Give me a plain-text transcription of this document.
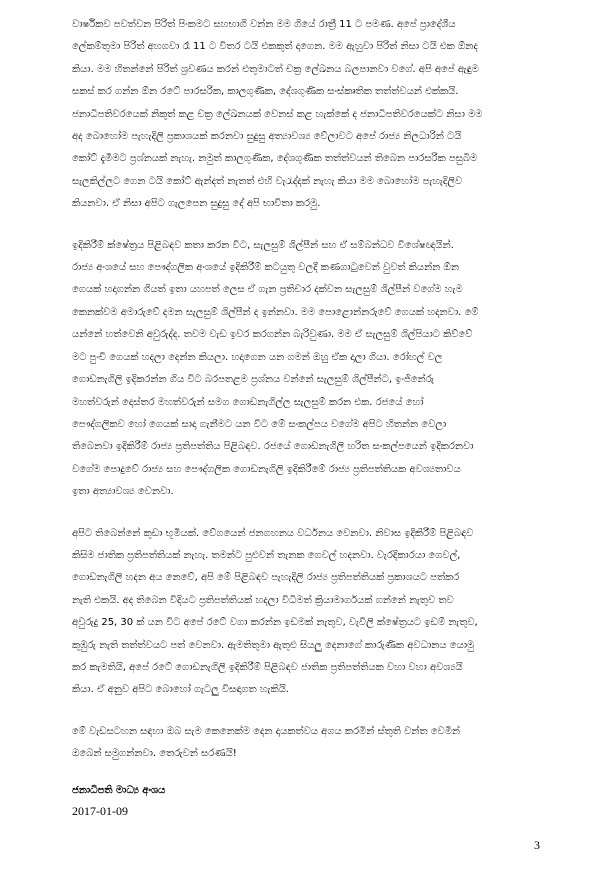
වාර්ෂිකව පවත්වන පිරිත් පිංකමට සහභාගි වන්න මම ගියේ රාත්‍රී 11 ට පමණ. අපේ ප්‍රාදේශීය
ලේකම්තුමා පිරිත් අහගවා රෑ 11 ට විතර ටයි එකකුත් දාගෙන. මම ඇහුවා පිරිත් නිසා ටයි එක ඕනද
කියා. මම හිතන්නේ පිරිත් ශ්‍රවණය කරන් එතුමාටත් චක්‍ර ලේඛනය බලපානවා වගේ. අපි අපේ ඇඳුම
සකස් කර ගන්න ඕන රටේ පාරසරික, කාලගුණික, දේශගුණික සංස්කෘතික තත්ත්වයන් එක්කයි.
ජනාධිපතිවරයෙක් නිකුත් කළ චක්‍ර ලේඛනයක් වෙනස් කළ හැක්කේ ද ජනාධිපතිවරයෙක්ට නිසා මම
අද බොහෝම පැහැදිලි ප්‍රකාශයක් කරනවා සුදුසු අත්‍යාවශ්‍ය වේලාවට අපේ රාජ්‍ය නිලධාරින් ටයි
කෝට් දැමීමට ප්‍රශ්නයක් නැහැ. නමුත් කාලගුණික, දේශගුණික තත්ත්වයන් තිබෙන පාරසරික පසුබිම
සැලකිල්ලට ගෙන ටයි කෝට් ඇන්දත් නැතත් එහි වැරැද්දක් නැහැ කියා මම බොහෝම පැහැදිලිව
කියනවා. ඒ නිසා අපිට ගැලපෙන සුදුසු දේ අපි භාවිතා කරමු.

ඉදිකිරීම් ක්ෂේත්‍රය පිළිබඳව කතා කරන විට, සැලසුම් ශිල්පීන් සහ ඒ සම්බන්ධව විශේෂඥයින්.
රාජ්‍ය අංශයේ සහ පෞද්ගලික අංශයේ ඉදිකිරීම් කටයුතු වලදී කණගාටුවෙන් වුවත් කියන්න ඕන
ගෙයක් හදාගන්න ගියත් ඉතා යහපත් ලෙස ඒ ගැන ප්‍රතිචාර දක්වන සැලසුම් ශිල්පීන් වගේම හැම
කෙනක්වම අමාරුවේ දමන සැලසුම් ශිල්පීන් ද ඉන්නවා. මම පොළොන්නරුවේ ගෙයක් හදනවා. මේ
යන්නේ හත්වෙනි අවුරුද්ද. තවම වැඩ ඉවර කරගන්න බැරිවුණා. මම ඒ සැලසුම් ශිල්පියාට කිව්වේ
මට පුංචි ගෙයක් හදලා දෙන්න කියලා. හදාගෙන යන ගමන් ඔහු ඒක දාලා ගියා. රෝහල් වල
ගොඩනැගිලි ඉදිකරන්න ගිය විට බරපතළම ප්‍රශ්නය වන්නේ සැලසුම් ශිල්පීන්ට, ඉංජිනේරු
මහත්වරුන් දොස්තර මහත්වරුන් සමග ගොඩනැගිල්ල සැලසුම් කරන එක. රජයේ හෝ
පෞද්ගලිකව හෝ ගෙයක් සාදා ගැනීමට යන විට මේ සංකල්පය වගේම අපිට හිතන්න වෙලා
තිබෙනවා ඉදිකිරීම් රාජ්‍ය ප්‍රතිපත්තිය පිළිබඳව. රජයේ ගොඩනැගිලි හරිත සංකල්පයෙන් ඉදිකරනවා
වගේම පොදුවේ රාජ්‍ය සහ පෞද්ගලික ගොඩනැගිලි ඉදිකිරීමේ රාජ්‍ය ප්‍රතිපත්තියක අවශ්‍යතාවය
ඉතා අත්‍යාවශ්‍ය වෙනවා.

අපිට තිබෙන්නේ කුඩා භූමියක්. වේගයෙන් ජනගහනය වර්ධනය වෙනවා. නිවාස ඉදිකිරීම් පිළිබඳව
කිසිම ජාතික ප්‍රතිපත්තියක් නැහැ. තමන්ට පුළුවන් තැනක ගෙවල් හදනවා. වැරදිකාරයා ගෙවල්,
ගොඩනැගිලි හදන අය නෙවේ, අපි මේ පිළිබඳව පැහැදිලි රාජ්‍ය ප්‍රතිපත්තියක් ප්‍රකාශයට පත්කර
නැති එකයි. අද තිබෙන විදියට ප්‍රතිපත්තියක් හදලා විධිමත් ක්‍රියාමාර්ගයක් ගන්නේ නැතුව තව
අවුරුදු 25, 30 ක් යන විට අපේ රටේ වගා කරන්න ඉඩමක් නැතුව, වැවිලි ක්ෂේත්‍රයට ඉඩම් නැතුව,
කුඹුරු නැති තත්ත්වයට පත් වෙනවා. ඇමතිතුමා ඇතුළු සියලු දෙනාගේ කාරුණික අවධානය යොමු
කර කැමතියි, අපේ රටේ ගොඩනැගිලි ඉදිකිරීම් පිළිබඳව ජාතික ප්‍රතිපත්තියක වහා වහා අවශ්‍යයි
කියා. ඒ අනුව අපිට බොහෝ ගැටලු විසඳාගත හැකියි.

මේ වැඩසටහන සඳහා ඔබ සැම කෙනෙක්ම දෙන දායකත්වය අගය කරමින් ස්තුති වන්ත වෙමින්
ඔබෙන් සමුගන්නවා. තෙරුවන් සරණයි!

ජනාධිපති මාධ්‍ය අංශය

2017-01-09

3
